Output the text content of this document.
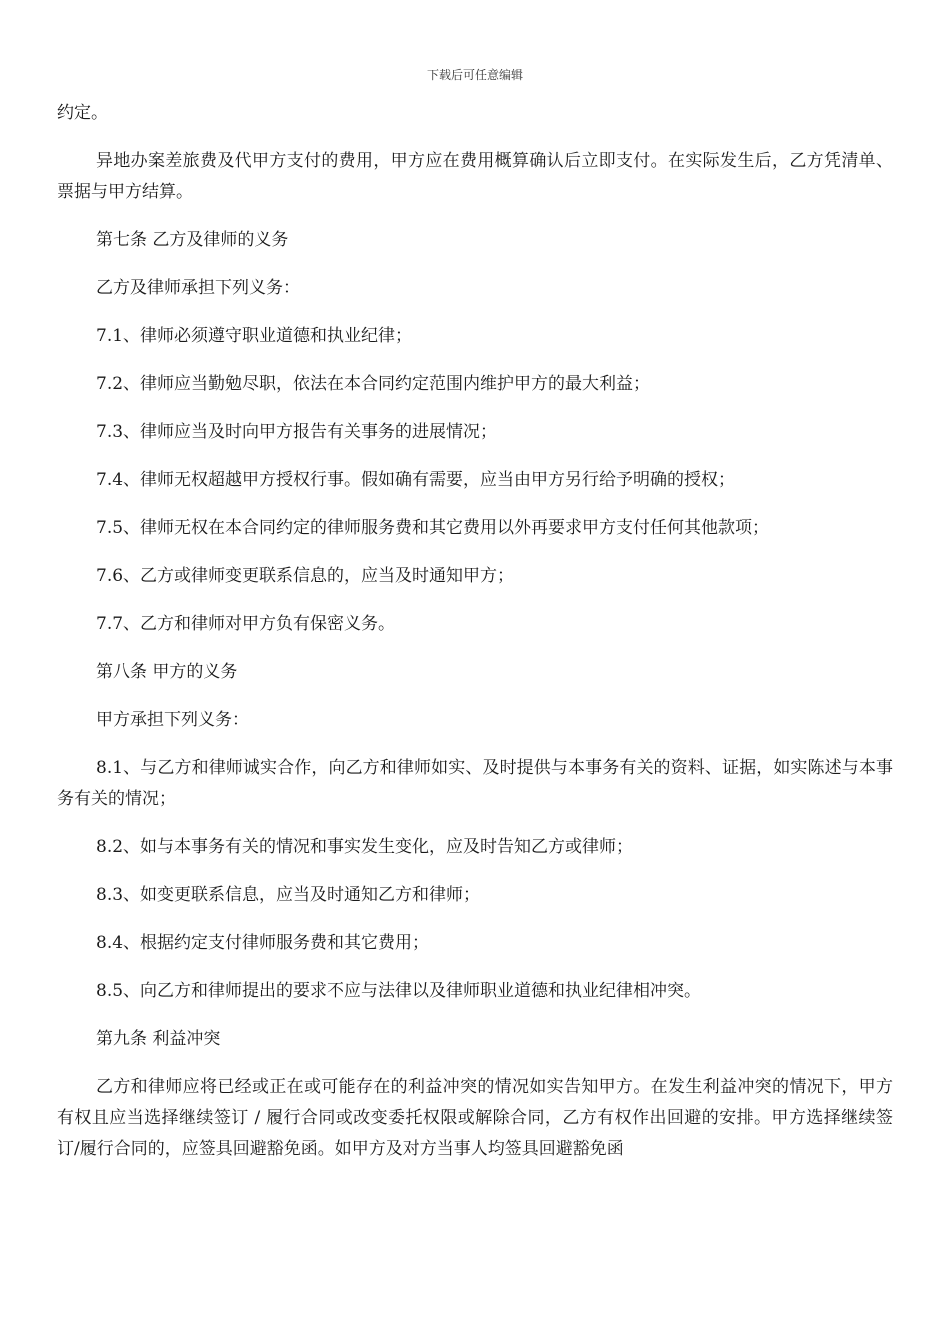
下载后可任意编辑

约定。

异地办案差旅费及代甲方支付的费用，甲方应在费用概算确认后立即支付。在实际发生后，乙方凭清单、票据与甲方结算。

第七条 乙方及律师的义务

乙方及律师承担下列义务：

7.1、律师必须遵守职业道德和执业纪律；

7.2、律师应当勤勉尽职，依法在本合同约定范围内维护甲方的最大利益；

7.3、律师应当及时向甲方报告有关事务的进展情况；

7.4、律师无权超越甲方授权行事。假如确有需要，应当由甲方另行给予明确的授权；

7.5、律师无权在本合同约定的律师服务费和其它费用以外再要求甲方支付任何其他款项；

7.6、乙方或律师变更联系信息的，应当及时通知甲方；

7.7、乙方和律师对甲方负有保密义务。

第八条 甲方的义务

甲方承担下列义务：

8.1、与乙方和律师诚实合作，向乙方和律师如实、及时提供与本事务有关的资料、证据，如实陈述与本事务有关的情况；

8.2、如与本事务有关的情况和事实发生变化，应及时告知乙方或律师；

8.3、如变更联系信息，应当及时通知乙方和律师；

8.4、根据约定支付律师服务费和其它费用；

8.5、向乙方和律师提出的要求不应与法律以及律师职业道德和执业纪律相冲突。

第九条 利益冲突

乙方和律师应将已经或正在或可能存在的利益冲突的情况如实告知甲方。在发生利益冲突的情况下，甲方有权且应当选择继续签订 / 履行合同或改变委托权限或解除合同，乙方有权作出回避的安排。甲方选择继续签订/履行合同的，应签具回避豁免函。如甲方及对方当事人均签具回避豁免函
